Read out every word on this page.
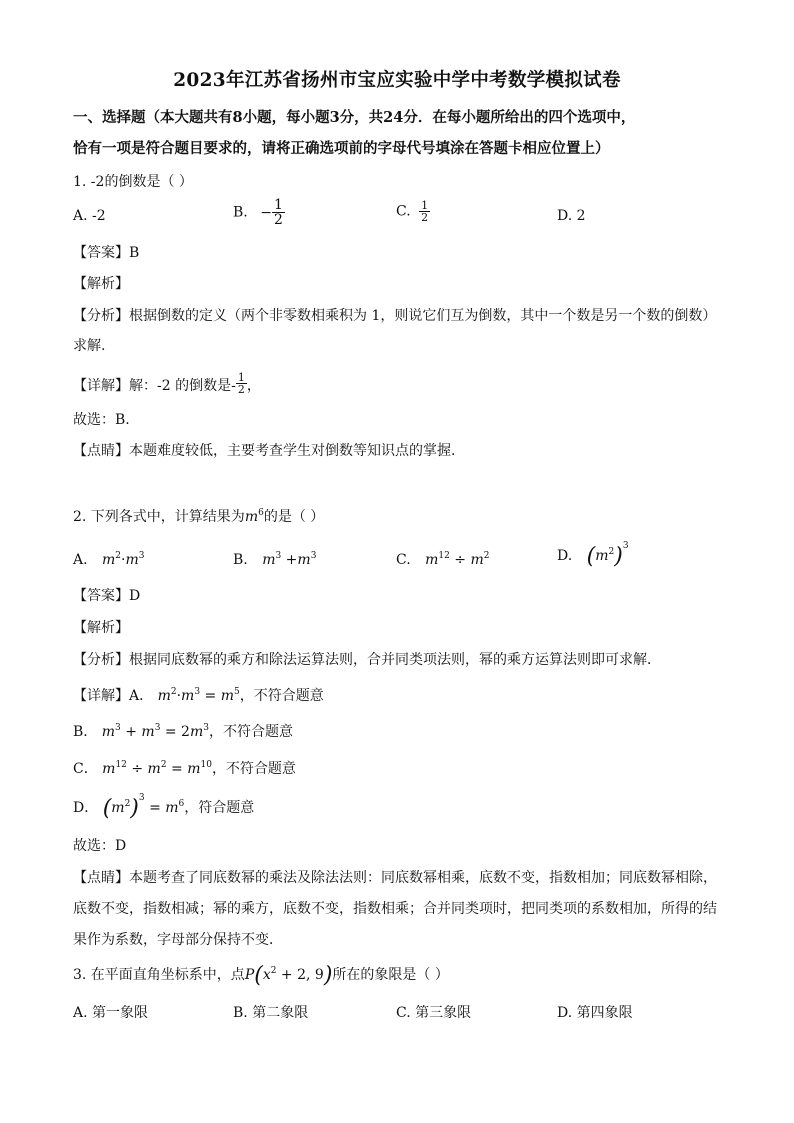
2023年江苏省扬州市宝应实验中学中考数学模拟试卷
一、选择题（本大题共有8小题，每小题3分，共24分．在每小题所给出的四个选项中，
恰有一项是符合题目要求的，请将正确选项前的字母代号填涂在答题卡相应位置上）
1. -2的倒数是（ ）
A. -2	B. − $\frac{1}{2}$	C. $\frac{1}{2}$	D. 2
【答案】B
【解析】
【分析】根据倒数的定义（两个非零数相乘积为 1，则说它们互为倒数，其中一个数是另一个数的倒数）
求解.
【详解】解：-2 的倒数是- $\frac{1}{2}$ ，
故选：B.
【点睛】本题难度较低，主要考查学生对倒数等知识点的掌握.
2. 下列各式中，计算结果为$m^6$的是（ ）
A. $m^2\cdot m^3$	B. $m^3 +m^3$	C. $m^{12} \div m^2$	D. $(m^2)^3$
【答案】D
【解析】
【分析】根据同底数幂的乘方和除法运算法则，合并同类项法则，幂的乘方运算法则即可求解．
【详解】A． $m^2\cdot m^3 = m^5$，不符合题意
B． $m^3 + m^3 = 2m^3$，不符合题意
C． $m^{12} \div m^2 = m^{10}$，不符合题意
D． $(m^2)^3 = m^6$，符合题意
故选：D
【点睛】本题考查了同底数幂的乘法及除法法则：同底数幂相乘，底数不变，指数相加；同底数幂相除，
底数不变，指数相减；幂的乘方，底数不变，指数相乘；合并同类项时，把同类项的系数相加，所得的结
果作为系数，字母部分保持不变．
3. 在平面直角坐标系中，点$P(x^2 + 2$, 9)所在的象限是（ ）
A. 第一象限	B. 第二象限	C. 第三象限	D. 第四象限
